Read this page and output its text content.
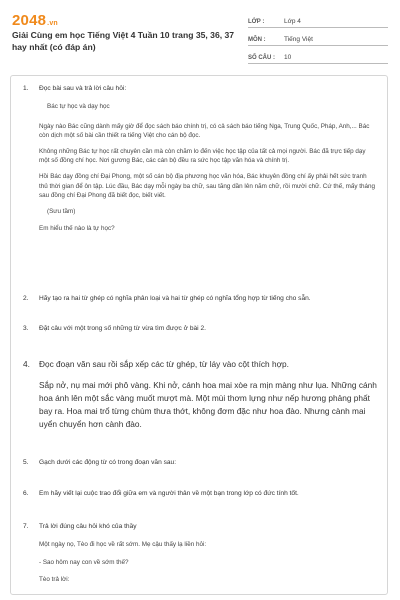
2048.vn
Giải Cùng em học Tiếng Việt 4 Tuần 10 trang 35, 36, 37 hay nhất (có đáp án)
LỚP :	Lớp 4
MÔN :	Tiếng Việt
SỐ CÂU :	10
1.	Đọc bài sau và trả lời câu hỏi:
Bác tự học và dạy học
Ngày nào Bác cũng dành mấy giờ để đọc sách báo chính trị, có cả sách báo tiếng Nga, Trung Quốc, Pháp, Anh,... Bác còn dịch một số bài cần thiết ra tiếng Việt cho cán bộ đọc.
Không những Bác tự học rất chuyên cần mà còn chăm lo đến việc học tập của tất cả mọi người. Bác đã trực tiếp dạy một số đồng chí học. Nơi gương Bác, các cán bộ đều ra sức học tập văn hóa và chính trị.
Hồi Bác dạy đồng chí Đại Phong, một số cán bộ địa phương học văn hóa, Bác khuyên đồng chí ấy phải hết sức tranh thủ thời gian để ôn tập. Lúc đầu, Bác dạy mỗi ngày ba chữ, sau tăng dần lên năm chữ, rồi mười chữ. Cứ thế, mấy tháng sau đồng chí Đại Phong đã biết đọc, biết viết.
(Sưu tầm)
Em hiểu thế nào là tự học?
2.	Hãy tạo ra hai từ ghép có nghĩa phân loại và hai từ ghép có nghĩa tổng hợp từ tiếng cho sẵn.
3.	Đặt câu với một trong số những từ vừa tìm được ở bài 2.
4.	Đọc đoạn văn sau rồi sắp xếp các từ ghép, từ láy vào cột thích hợp.
Sắp nở, nụ mai mới phô vàng. Khi nở, cánh hoa mai xòe ra mịn màng như lụa. Những cánh hoa ánh lên một sắc vàng muốt mượt mà. Một mùi thơm lựng như nếp hương phảng phất bay ra. Hoa mai trổ từng chùm thưa thớt, không đơm đặc như hoa đào. Nhưng cành mai uyển chuyển hơn cành đào.
5.	Gạch dưới các động từ có trong đoạn văn sau:
6.	Em hãy viết lại cuộc trao đổi giữa em và người thân về một bạn trong lớp có đức tính tốt.
7.	Trả lời đúng câu hỏi khó của thầy
Một ngày nọ, Tèo đi học về rất sớm. Mẹ cậu thấy lạ liền hỏi:
- Sao hôm nay con về sớm thế?
Tèo trả lời:
